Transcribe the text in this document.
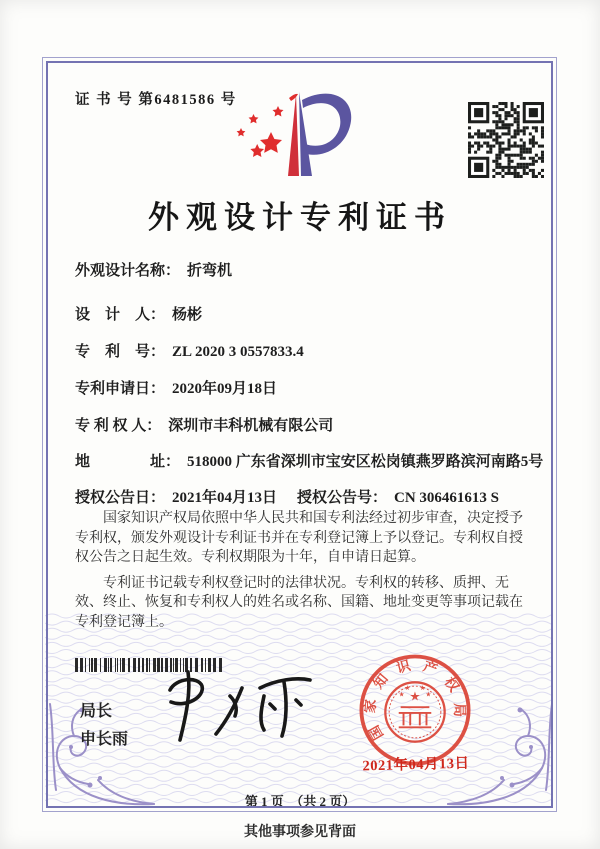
证 书 号 第6481586 号
外观设计专利证书
外观设计名称： 折弯机
设　计　人： 杨彬
专　利　号： ZL 2020 3 0557833.4
专利申请日： 2020年09月18日
专 利 权 人： 深圳市丰科机械有限公司
地　　　　址： 518000 广东省深圳市宝安区松岗镇燕罗路滨河南路5号
授权公告日： 2021年04月13日 授权公告号： CN 306461613 S

国家知识产权局依照中华人民共和国专利法经过初步审查，决定授予专利权，颁发外观设计专利证书并在专利登记簿上予以登记。专利权自授权公告之日起生效。专利权期限为十年，自申请日起算。

专利证书记载专利权登记时的法律状况。专利权的转移、质押、无效、终止、恢复和专利权人的姓名或名称、国籍、地址变更等事项记载在专利登记簿上。

局长
申长雨	国
家
知
识 产
权
局
★
★
★ ★
★
2021年04月13日
第 1 页　（共 2 页）
其他事项参见背面
